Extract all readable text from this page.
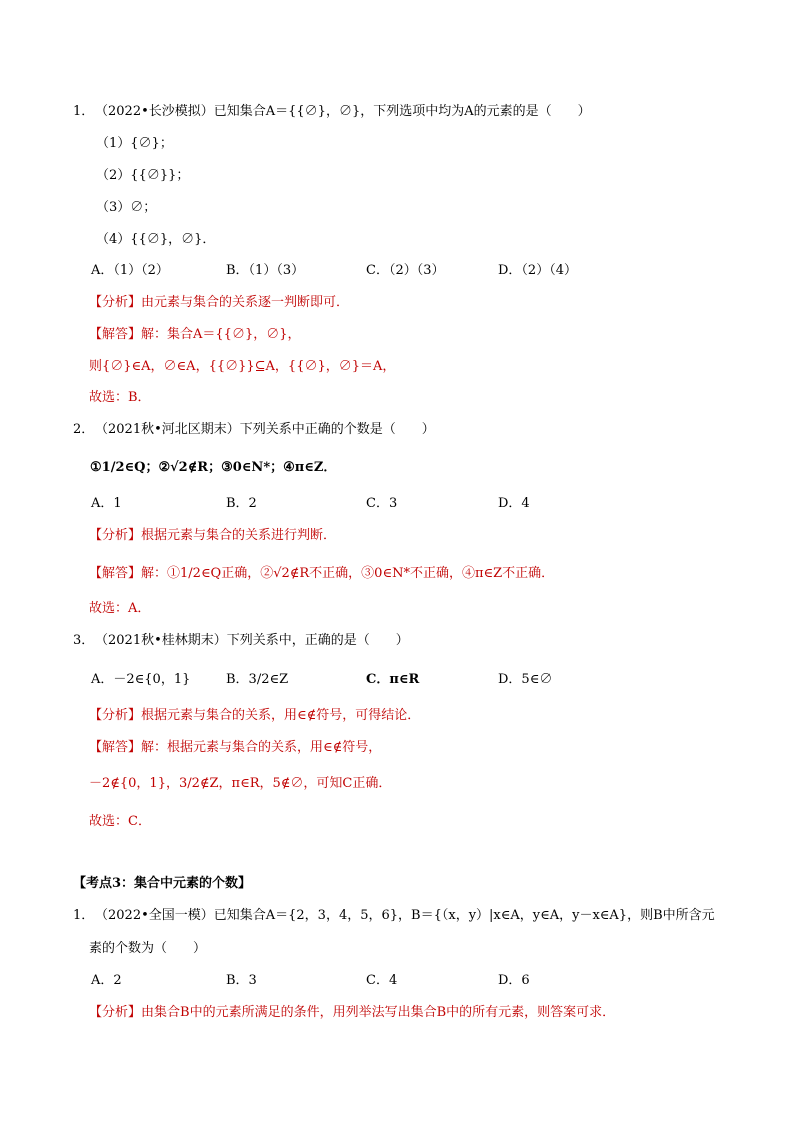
1． （2022•长沙模拟）已知集合A＝{{∅}，∅}，下列选项中均为A的元素的是（　　）
（1）{∅}；
（2）{{∅}}；
（3）∅；
（4）{{∅}，∅}．
A．（1）（2）	B．（1）（3）	C．（2）（3）	D．（2）（4）
【分析】由元素与集合的关系逐一判断即可．
【解答】解：集合A＝{{∅}，∅}，
则{∅}∈A，∅∈A，{{∅}}⊆A，{{∅}，∅}＝A，
故选：B．
2． （2021秋•河北区期末）下列关系中正确的个数是（　　）
①1/2∈Q；②√2∉R；③0∈N*；④π∈Z．
A．1	B．2	C．3	D．4
【分析】根据元素与集合的关系进行判断．
【解答】解：①1/2∈Q正确，②√2∉R不正确，③0∈N*不正确，④π∈Z不正确．
故选：A．
3． （2021秋•桂林期末）下列关系中，正确的是（　　）
A．－2∈{0，1}	B．3/2∈Z	C．π∈R	D．5∈∅
【分析】根据元素与集合的关系，用∈∉符号，可得结论．
【解答】解：根据元素与集合的关系，用∈∉符号，
－2∉{0，1}，3/2∉Z，π∈R，5∉∅，可知C正确．
故选：C．
【考点3：集合中元素的个数】
1． （2022•全国一模）已知集合A＝{2，3，4，5，6}，B＝{（x，y）|x∈A，y∈A，y－x∈A}，则B中所含元
素的个数为（　　）
A．2	B．3	C．4	D．6
【分析】由集合B中的元素所满足的条件，用列举法写出集合B中的所有元素，则答案可求．
